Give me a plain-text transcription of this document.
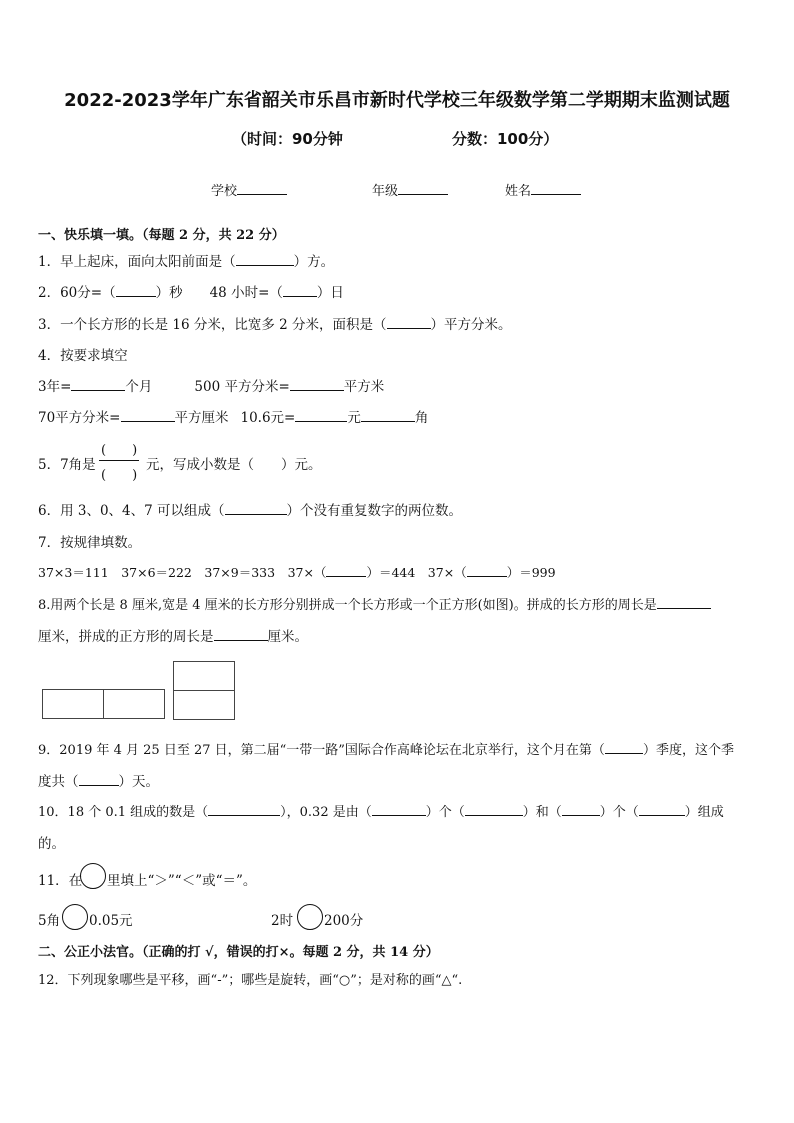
2022-2023学年广东省韶关市乐昌市新时代学校三年级数学第二学期期末监测试题
（时间：90分钟	分数：100分）
学校	年级	姓名
一、快乐填一填。（每题 2 分，共 22 分）
1．早上起床，面向太阳前面是（	）方。
2．60分=（	）秒　　48 小时=（	）日
3．一个长方形的长是 16 分米，比宽多 2 分米，面积是（	）平方分米。
4．按要求填空
3年=	个月	500 平方分米=	平方米
70平方分米=	平方厘米 10.6元=	元	角
5．7角是
(　　)
(　　)
元，写成小数是（　　）元。
6．用 3、0、4、7 可以组成（	）个没有重复数字的两位数。
7．按规律填数。
37×3＝111　37×6＝222　37×9＝333　37×（	）＝444　37×（	）＝999
8.用两个长是 8 厘米,宽是 4 厘米的长方形分别拼成一个长方形或一个正方形(如图)。拼成的长方形的周长是
厘米，拼成的正方形的周长是	厘米。
9．2019 年 4 月 25 日至 27 日，第二届“一带一路”国际合作高峰论坛在北京举行，这个月在第（	）季度，这个季
度共（	）天。
10．18 个 0.1 组成的数是（	），0.32 是由（	）个（	）和（	）个（	）组成
的。
11．在 里填上“＞”“＜”或“＝”。
5角 0.05元	2时 200分
二、公正小法官。（正确的打 √，错误的打×。每题 2 分，共 14 分）
12．下列现象哪些是平移，画“-”；哪些是旋转，画“○”；是对称的画“△“.
